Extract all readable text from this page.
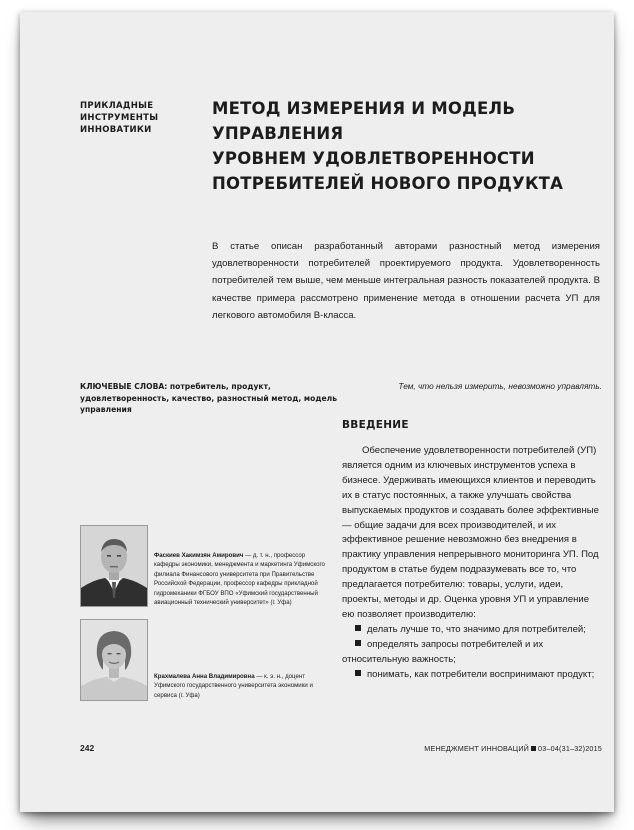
ПРИКЛАДНЫЕ
ИНСТРУМЕНТЫ
ИННОВАТИКИ
МЕТОД ИЗМЕРЕНИЯ И МОДЕЛЬ УПРАВЛЕНИЯ
УРОВНЕМ УДОВЛЕТВОРЕННОСТИ
ПОТРЕБИТЕЛЕЙ НОВОГО ПРОДУКТА
В статье описан разработанный авторами разностный метод измерения удовлетворенности потребителей проектируемого продукта. Удовлетворенность потребителей тем выше, чем меньше интегральная разность показателей продукта. В качестве примера рассмотрено применение метода в отношении расчета УП для легкового автомобиля В-класса.
КЛЮЧЕВЫЕ СЛОВА: потребитель, продукт, удовлетворенность, качество, разностный метод, модель управления
Тем, что нельзя измерить, невозможно управлять.
ВВЕДЕНИЕ

Обеспечение удовлетворенности потребителей (УП) является одним из ключевых инструментов успеха в бизнесе. Удерживать имеющихся клиентов и переводить их в статус постоянных, а также улучшать свойства выпускаемых продуктов и создавать более эффективные — общие задачи для всех производителей, и их эффективное решение невозможно без внедрения в практику управления непрерывного мониторинга УП. Под продуктом в статье будем подразумевать все то, что предлагается потребителю: товары, услуги, идеи, проекты, методы и др. Оценка уровня УП и управление ею позволяет производителю:

делать лучше то, что значимо для потребителей;
определять запросы потребителей и их относительную важность;
понимать, как потребители воспринимают продукт;
Фаскиев Хакимзян Амирович — д. т. н., профессор кафедры экономики, менеджмента и маркетинга Уфимского филиала Финансового университета при Правительстве Российской Федерации, профессор кафедры прикладной гидромеханики ФГБОУ ВПО «Уфимский государственный авиационный технический университет» (г. Уфа)
Крахмалева Анна Владимировна — к. э. н., доцент Уфимского государственного университета экономики и сервиса (г. Уфа)
242	МЕНЕДЖМЕНТ ИННОВАЦИЙ 03–04(31–32)2015
